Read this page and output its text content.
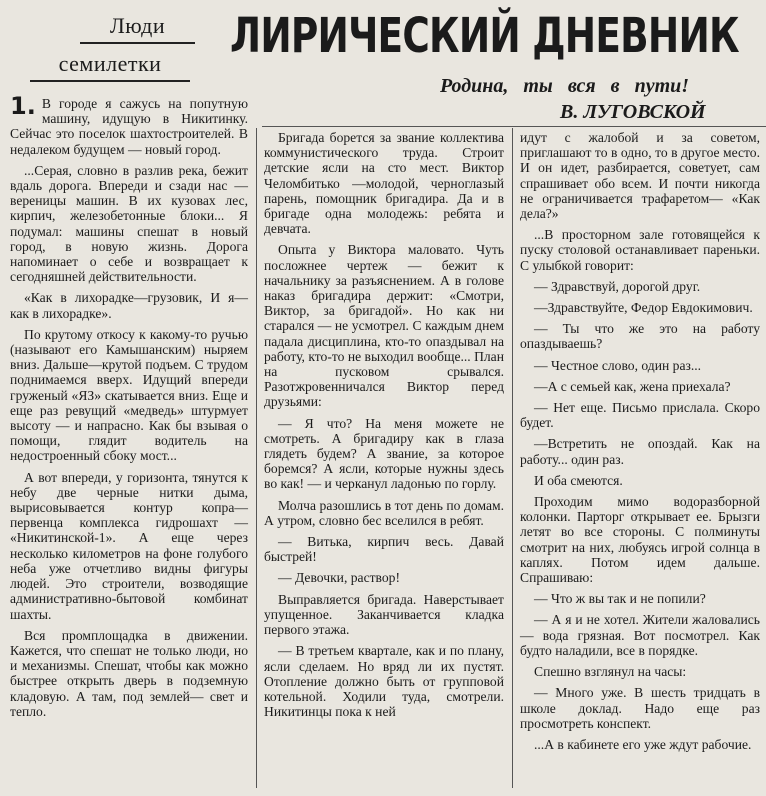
Люди
семилетки	ЛИРИЧЕСКИЙ ДНЕВНИК
Родина, ты вся в пути!
В. ЛУГОВСКОЙ

1. В городе я сажусь на попутную машину, идущую в Никитинку. Сейчас это поселок шахтостроителей. В недалеком будущем — новый город.

...Серая, словно в разлив река, бежит вдаль дорога. Впереди и сзади нас — вереницы машин. В их кузовах лес, кирпич, железобетонные блоки... Я подумал: машины спешат в новый город, в новую жизнь. Дорога напоминает о себе и возвращает к сегодняшней действительности.

«Как в лихорадке—грузовик, И я— как в лихорадке».

По крутому откосу к какому-то ручью (называют его Камышанским) ныряем вниз. Дальше—крутой подъем. С трудом поднимаемся вверх. Идущий впереди груженый «ЯЗ» скатывается вниз. Еще и еще раз ревущий «медведь» штурмует высоту — и напрасно. Как бы взывая о помощи, глядит водитель на недостроенный сбоку мост...

А вот впереди, у горизонта, тянутся к небу две черные нитки дыма, вырисовывается контур копра—первенца комплекса гидрошахт — «Никитинской-1». А еще через несколько километров на фоне голубого неба уже отчетливо видны фигуры людей. Это строители, возводящие административно-бытовой комбинат шахты.

Вся промплощадка в движении. Кажется, что спешат не только люди, но и механизмы. Спешат, чтобы как можно быстрее открыть дверь в подземную кладовую. А там, под землей— свет и тепло.

Бригада борется за звание коллектива коммунистического труда. Строит детские ясли на сто мест. Виктор Челомбитько —молодой, черноглазый парень, помощник бригадира. Да и в бригаде одна молодежь: ребята и девчата.

Опыта у Виктора маловато. Чуть посложнее чертеж — бежит к начальнику за разъяснением. А в голове наказ бригадира держит: «Смотри, Виктор, за бригадой». Но как ни старался — не усмотрел. С каждым днем падала дисциплина, кто-то опаздывал на работу, кто-то не выходил вообще... План на пусковом срывался. Разотжровенничался Виктор перед друзьями:

— Я что? На меня можете не смотреть. А бригадиру как в глаза глядеть будем? А звание, за которое боремся? А ясли, которые нужны здесь во как! — и черканул ладонью по горлу.

Молча разошлись в тот день по домам. А утром, словно бес вселился в ребят.

— Витька, кирпич весь. Давай быстрей!

— Девочки, раствор!

Выправляется бригада. Наверстывает упущенное. Заканчивается кладка первого этажа.

— В третьем квартале, как и по плану, ясли сделаем. Но вряд ли их пустят. Отопление должно быть от групповой котельной. Ходили туда, смотрели. Никитинцы пока к ней

идут с жалобой и за советом, приглашают то в одно, то в другое место. И он идет, разбирается, советует, сам спрашивает обо всем. И почти никогда не ограничивается трафаретом— «Как дела?»

...В просторном зале готовящейся к пуску столовой останавливает пареньки. С улыбкой говорит:

— Здравствуй, дорогой друг.

—Здравствуйте, Федор Евдокимович.

— Ты что же это на работу опаздываешь?

— Честное слово, один раз...

—А с семьей как, жена приехала?

— Нет еще. Письмо прислала. Скоро будет.

—Встретить не опоздай. Как на работу... один раз.

И оба смеются.

Проходим мимо водоразборной колонки. Парторг открывает ее. Брызги летят во все стороны. С полминуты смотрит на них, любуясь игрой солнца в каплях. Потом идем дальше. Спрашиваю:

— Что ж вы так и не попили?

— А я и не хотел. Жители жаловались — вода грязная. Вот посмотрел. Как будто наладили, все в порядке.

Спешно взглянул на часы:

— Много уже. В шесть тридцать в школе доклад. Надо еще раз просмотреть конспект.

...А в кабинете его уже ждут рабочие.
